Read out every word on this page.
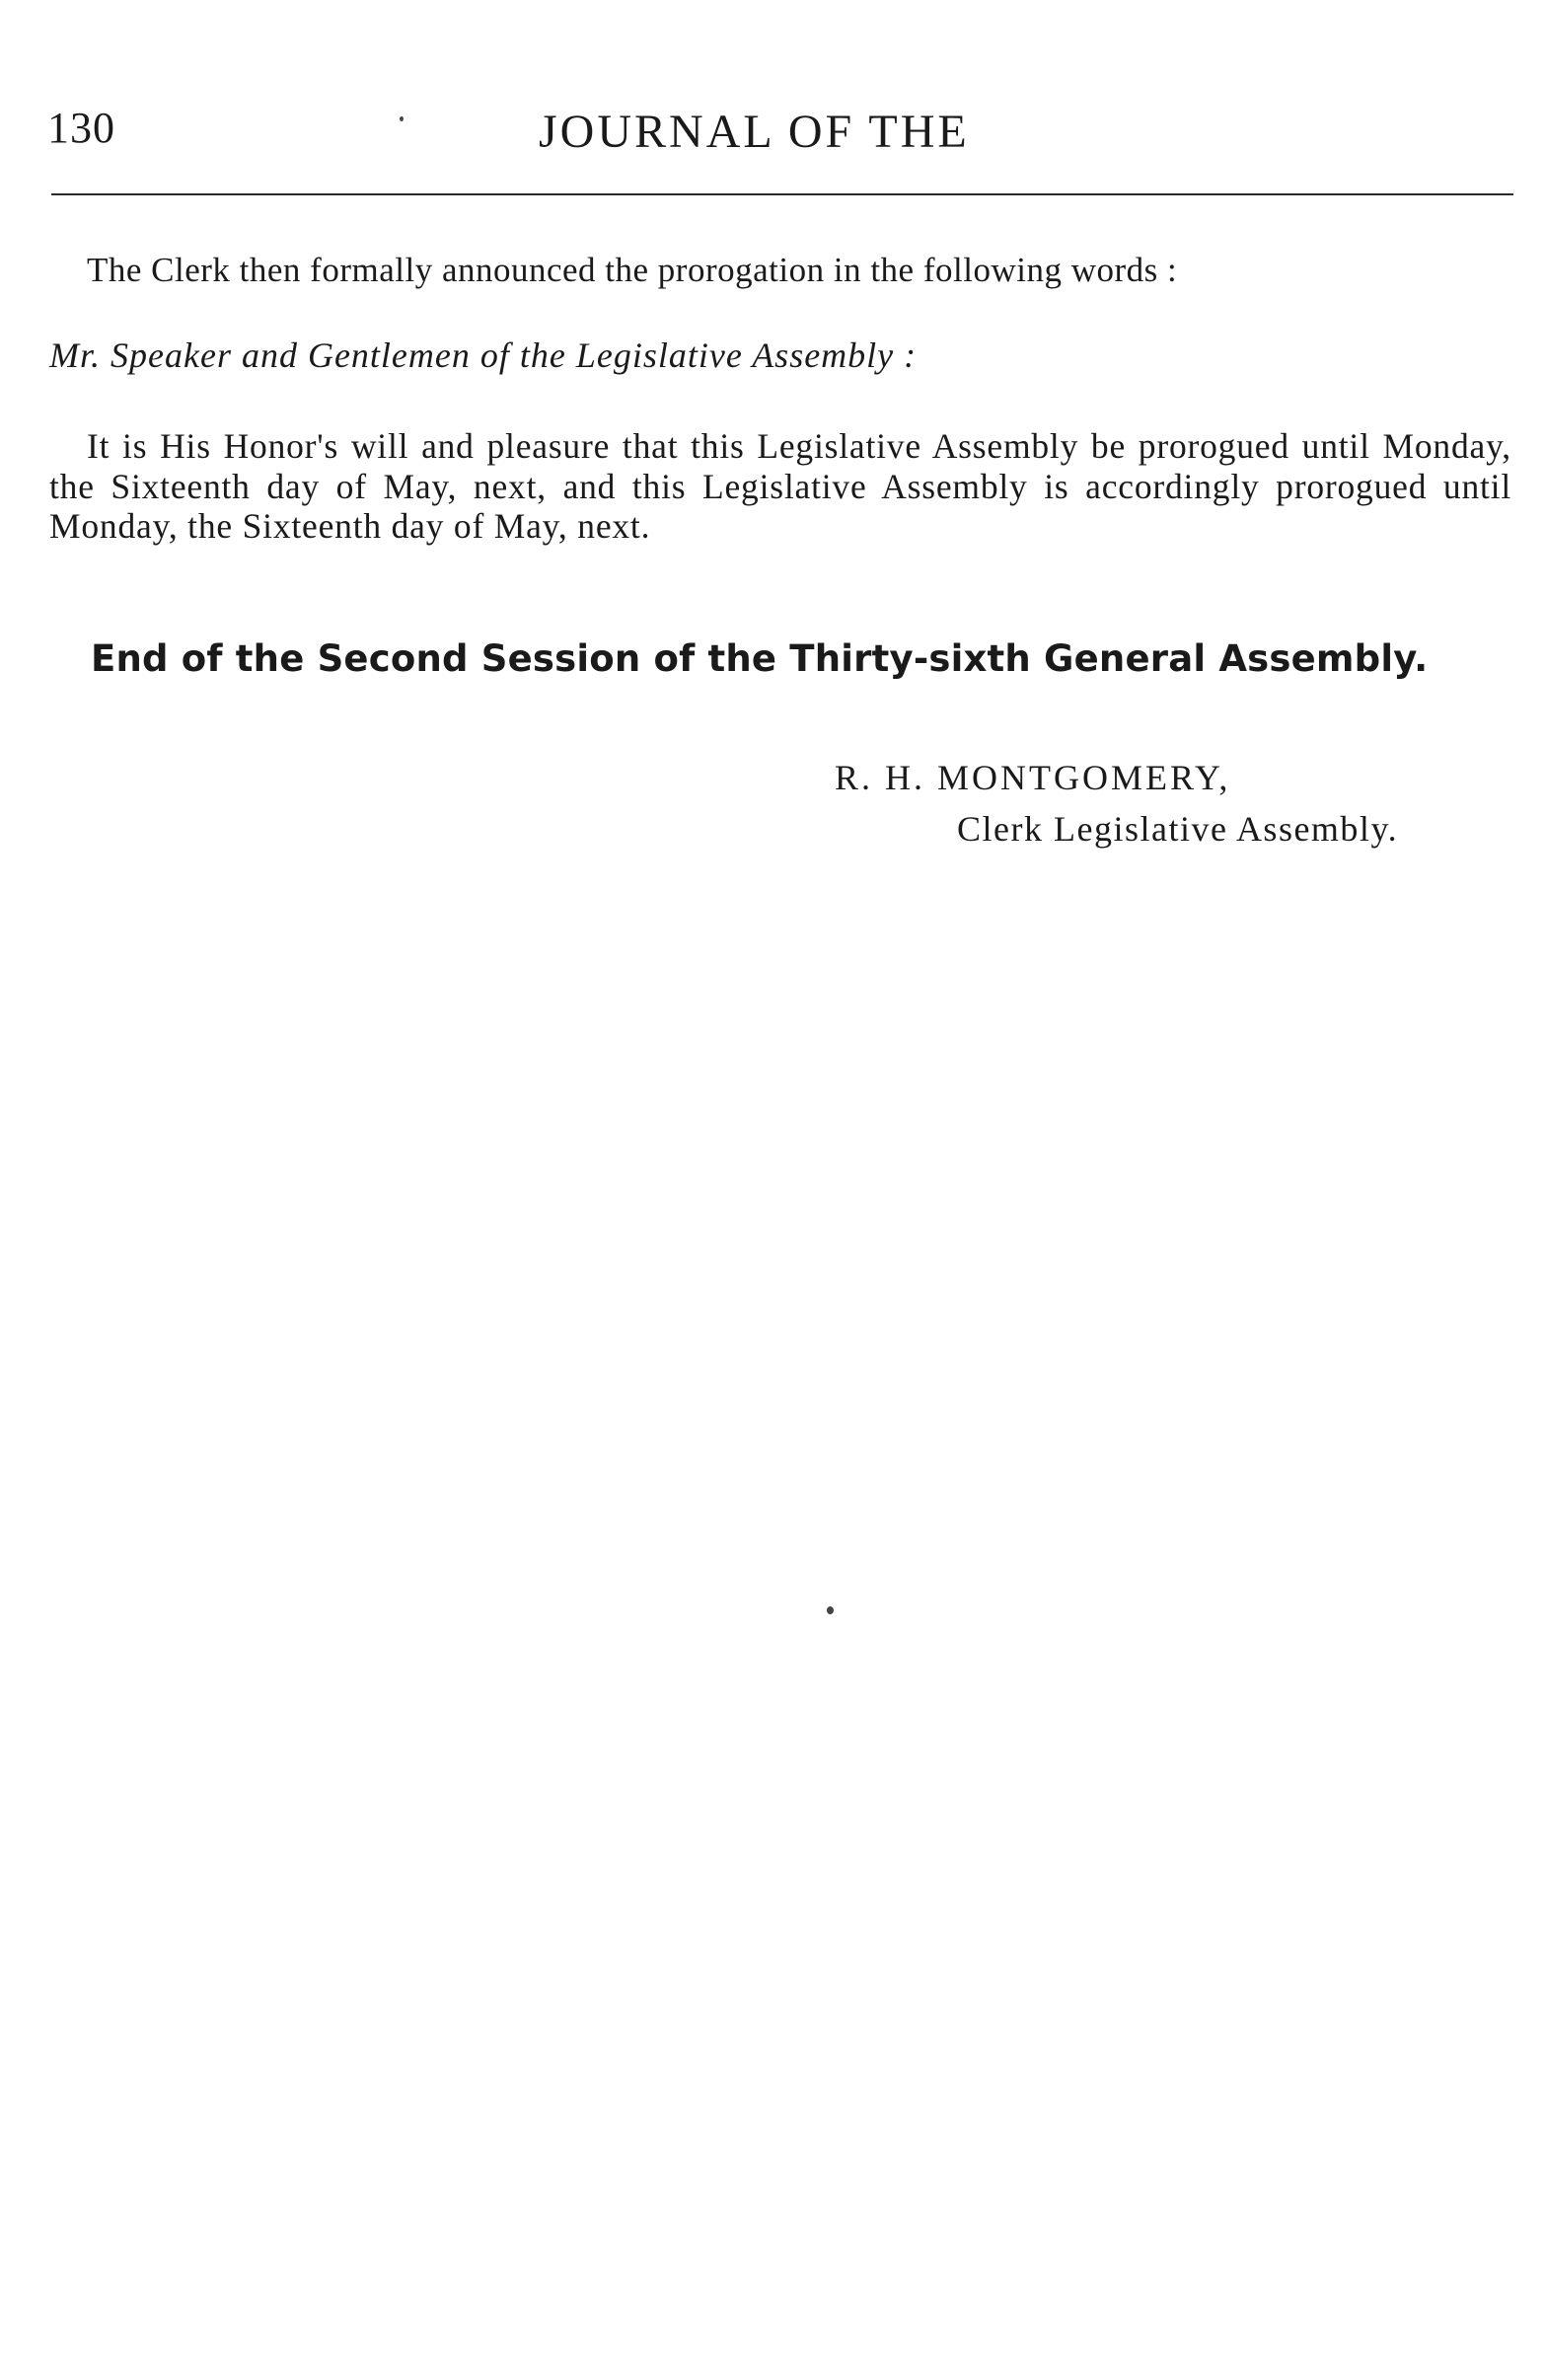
130	JOURNAL OF THE
The Clerk then formally announced the prorogation in the following words :
Mr. Speaker and Gentlemen of the Legislative Assembly :
It is His Honor's will and pleasure that this Legislative Assembly be prorogued until Monday, the Sixteenth day of May, next, and this Legislative Assembly is accordingly prorogued until Monday, the Sixteenth day of May, next.
End of the Second Session of the Thirty-sixth General Assembly.
R. H. MONTGOMERY,
Clerk Legislative Assembly.
